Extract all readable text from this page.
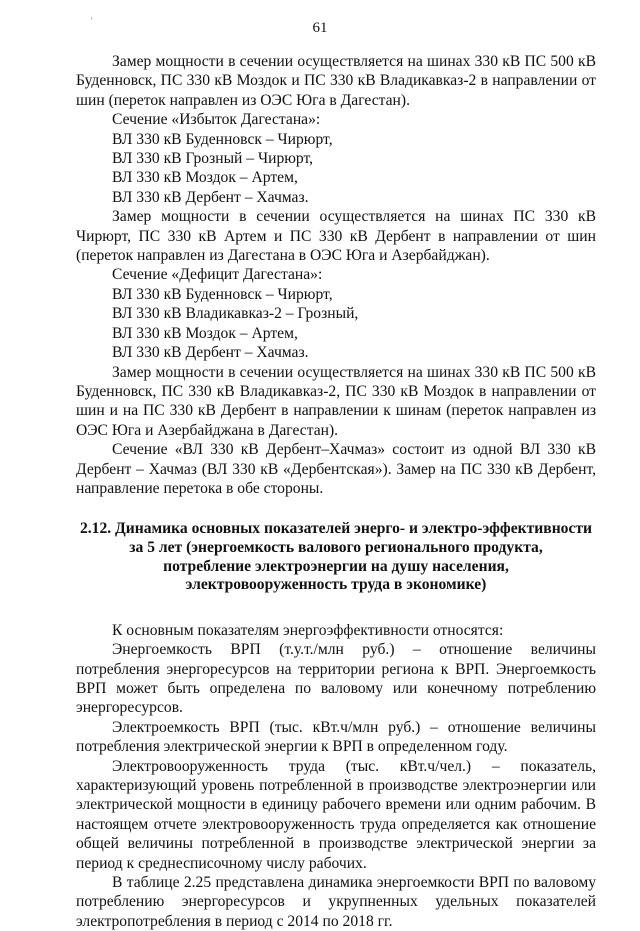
'	61

Замер мощности в сечении осуществляется на шинах 330 кВ ПС 500 кВ Буденновск, ПС 330 кВ Моздок и ПС 330 кВ Владикавказ-2 в направлении от шин (переток направлен из ОЭС Юга в Дагестан).

Сечение «Избыток Дагестана»:

ВЛ 330 кВ Буденновск – Чирюрт,

ВЛ 330 кВ Грозный – Чирюрт,

ВЛ 330 кВ Моздок – Артем,

ВЛ 330 кВ Дербент – Хачмаз.

Замер мощности в сечении осуществляется на шинах ПС 330 кВ Чирюрт, ПС 330 кВ Артем и ПС 330 кВ Дербент в направлении от шин (переток направлен из Дагестана в ОЭС Юга и Азербайджан).

Сечение «Дефицит Дагестана»:

ВЛ 330 кВ Буденновск – Чирюрт,

ВЛ 330 кВ Владикавказ-2 – Грозный,

ВЛ 330 кВ Моздок – Артем,

ВЛ 330 кВ Дербент – Хачмаз.

Замер мощности в сечении осуществляется на шинах 330 кВ ПС 500 кВ Буденновск, ПС 330 кВ Владикавказ-2, ПС 330 кВ Моздок в направлении от шин и на ПС 330 кВ Дербент в направлении к шинам (переток направлен из ОЭС Юга и Азербайджана в Дагестан).

Сечение «ВЛ 330 кВ Дербент–Хачмаз» состоит из одной ВЛ 330 кВ Дербент – Хачмаз (ВЛ 330 кВ «Дербентская»). Замер на ПС 330 кВ Дербент, направление перетока в обе стороны.

2.12. Динамика основных показателей энерго- и электро-эффективности
за 5 лет (энергоемкость валового регионального продукта,
потребление электроэнергии на душу населения,
электровооруженность труда в экономике)

К основным показателям энергоэффективности относятся:

Энергоемкость ВРП (т.у.т./млн руб.) – отношение величины потребления энергоресурсов на территории региона к ВРП. Энергоемкость ВРП может быть определена по валовому или конечному потреблению энергоресурсов.

Электроемкость ВРП (тыс. кВт.ч/млн руб.) – отношение величины потребления электрической энергии к ВРП в определенном году.

Электровооруженность труда (тыс. кВт.ч/чел.) – показатель, характеризующий уровень потребленной в производстве электроэнергии или электрической мощности в единицу рабочего времени или одним рабочим. В настоящем отчете электровооруженность труда определяется как отношение общей величины потребленной в производстве электрической энергии за период к среднесписочному числу рабочих.

В таблице 2.25 представлена динамика энергоемкости ВРП по валовому потреблению энергоресурсов и укрупненных удельных показателей электропотребления в период с 2014 по 2018 гг.
